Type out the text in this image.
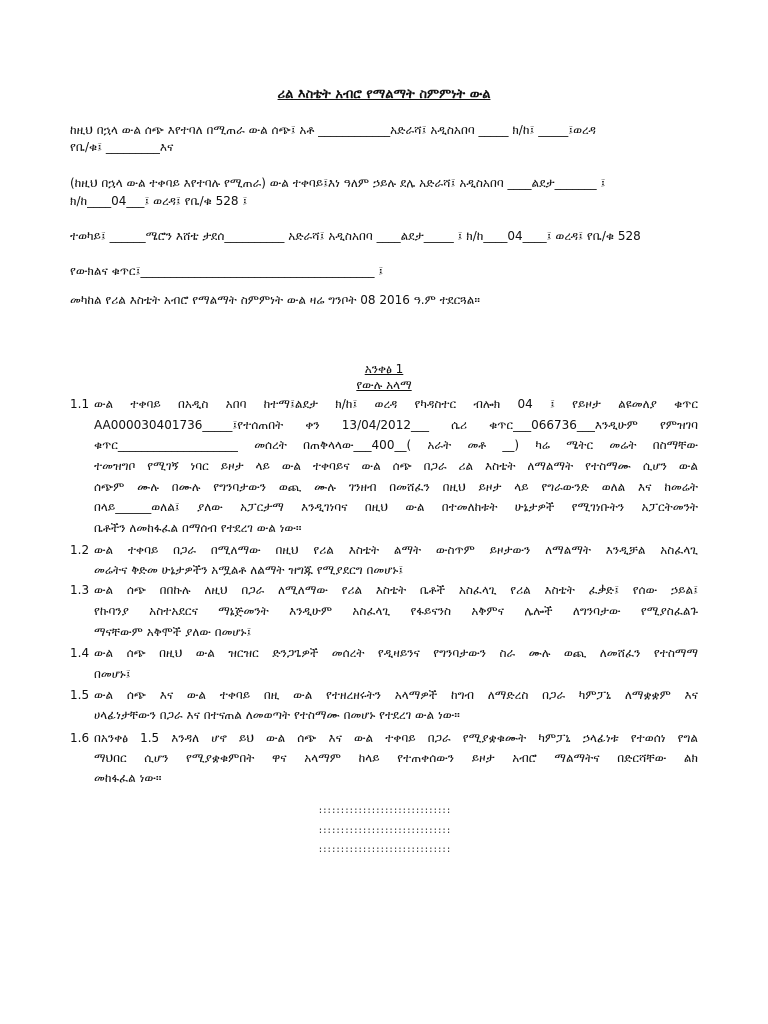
ሪል እስቴት አብሮ የማልማት ስምምነት ውል
ከዚህ በኋላ ውል ሰጭ እየተባለ በሚጠራ ውል ሰጭ፤ አቶ ____________አድራሻ፤ አዲስአበባ _____ ክ/ከ፤ _____፤ወረዳ
የቤ/ቁ፤ _________እና
(ከዚህ በኋላ ውል ተቀባይ እየተባሉ የሚጠራ) ውል ተቀባይ፤እነ ዓለም ኃይሉ ደሌ አድራሻ፤ አዲስአበባ ____ልደታ_______ ፤
ክ/ከ____04___፤ ወረዳ፤ የቤ/ቁ 528 ፤
ተወካይ፤ ______ሜሮን እሸቴ ታደሰ__________ አድራሻ፤ አዲስአበባ ____ልደታ_____ ፤ ክ/ከ____04____፤ ወረዳ፤ የቤ/ቁ 528
የውክልና ቁጥር፤_______________________________________ ፤
መካከል የሪል እስቴት አብሮ የማልማት ስምምነት ውል ዛሬ ግንቦት 08 2016 ዓ.ም ተደርጓል።
አንቀፅ 1
የውሉ አላማ
1.1 ውል ተቀባይ በአዲስ አበባ ከተማ፤ልደታ ክ/ከ፤ ወረዳ የካዳስተር ብሎክ 04 ፤ የይዞታ ልዩመለያ ቁጥር
AA000030401736_____፤የተሰጠበት ቀን 13/04/2012___ ሴሪ ቁጥር___066736___እንዲሁም የምዝገባ
ቁጥር____________________ መሰረት በጠቅላላው___400__( አራት መቶ __) ካሬ ሜትር መሬት በስማቸው
ተመዝግቦ የሚገኝ ነባር ይዞታ ላይ ውል ተቀባይና ውል ሰጭ በጋራ ሪል እስቴት ለማልማት የተስማሙ ሲሆን ውል
ሰጭም ሙሉ በሙሉ የግንባታውን ወጪ ሙሉ ገንዘብ በመሸፈን በዚህ ይዞታ ላይ የግራውንድ ወለል እና ከመሬት
በላይ______ወለል፤ ያለው አፓርታማ እንዲገነባና በዚህ ውል በተመለከቱት ሁኔታዎች የሚገነቡትን አፓርትመንት
ቤቶችን ለመከፋፈል በማሰብ የተደረገ ውል ነው።
1.2 ውል ተቀባይ በጋራ በሚለማው በዚህ የሪል እስቴት ልማት ውስጥም ይዞታውን ለማልማት እንዲቻል አስፈላጊ
መሬትና ቅድመ ሁኔታዎችን አሟልቶ ለልማት ዝግጁ የሚያደርግ በመሆኑ፤
1.3 ውል ሰጭ በበኩሉ ለዚህ በጋራ ለሚለማው የሪል እስቴት ቤቶች አስፈላጊ የሪል እስቴት ፈቃድ፤ የሰው ኃይል፤
የኩባንያ አስተአደርና ማኔጅመንት እንዲሁም አስፈላጊ የፋይናንስ አቅምና ሌሎች ለግንባታው የሚያስፈልጉ
ማናቸውም አቅሞች ያለው በመሆኑ፤
1.4 ውል ሰጭ በዚህ ውል ዝርዝር ድንጋጌዎች መሰረት የዲዛይንና የግንባታውን ስራ ሙሉ ወጪ ለመሸፈን የተስማማ
በመሆኑ፤
1.5 ውል ሰጭ እና ውል ተቀባይ በዚ ውል የተዘረዘሩትን አላማዎች ከግብ ለማድረስ በጋራ ካምፓኒ ለማቋቋም እና
ሀላፊነታቸውን በጋራ እና በተናጠል ለመወጣት የተስማሙ በመሆኑ የተደረገ ውል ነው።
1.6 በአንቀፅ 1.5 እንዳለ ሆኖ ይህ ውል ሰጭ እና ውል ተቀባይ በጋራ የሚያቋቁሙት ካምፓኒ ኃላፊነቱ የተወሰነ የግል
ማህበር ሲሆን የሚያቋቁምበት ዋና አላማም ከላይ የተጠቀሰውን ይዞታ አብሮ ማልማትና በድርሻቸው ልክ
መከፋፈል ነው።
::::::::::::::::::::::::::::::
::::::::::::::::::::::::::::::
::::::::::::::::::::::::::::::
